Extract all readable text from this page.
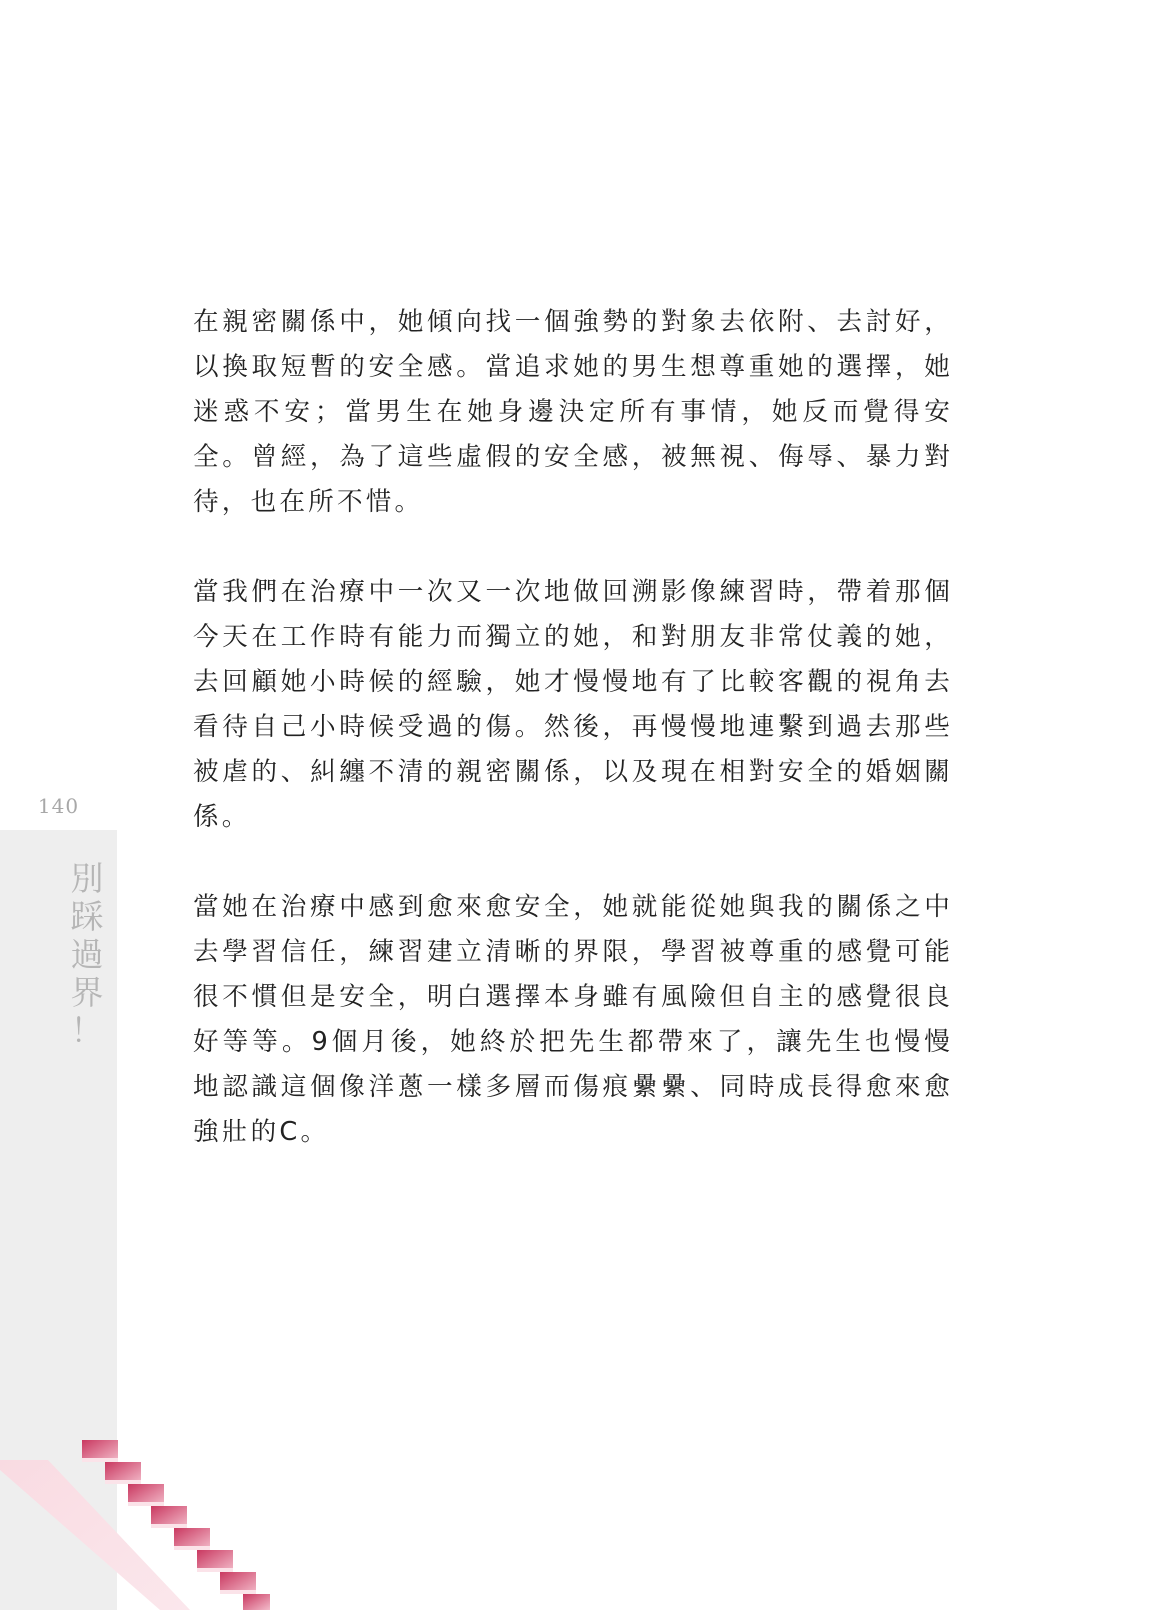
140
別
踩
過
界
！

在親密關係中，她傾向找一個強勢的對象去依附、去討好，以換取短暫的安全感。當追求她的男生想尊重她的選擇，她迷惑不安；當男生在她身邊決定所有事情，她反而覺得安全。曾經，為了這些虛假的安全感，被無視、侮辱、暴力對待，也在所不惜。

當我們在治療中一次又一次地做回溯影像練習時，帶着那個今天在工作時有能力而獨立的她，和對朋友非常仗義的她，去回顧她小時候的經驗，她才慢慢地有了比較客觀的視角去看待自己小時候受過的傷。然後，再慢慢地連繫到過去那些被虐的、糾纏不清的親密關係，以及現在相對安全的婚姻關係。

當她在治療中感到愈來愈安全，她就能從她與我的關係之中去學習信任，練習建立清晰的界限，學習被尊重的感覺可能很不慣但是安全，明白選擇本身雖有風險但自主的感覺很良好等等。9個月後，她終於把先生都帶來了，讓先生也慢慢地認識這個像洋蔥一樣多層而傷痕纍纍、同時成長得愈來愈強壯的C。
